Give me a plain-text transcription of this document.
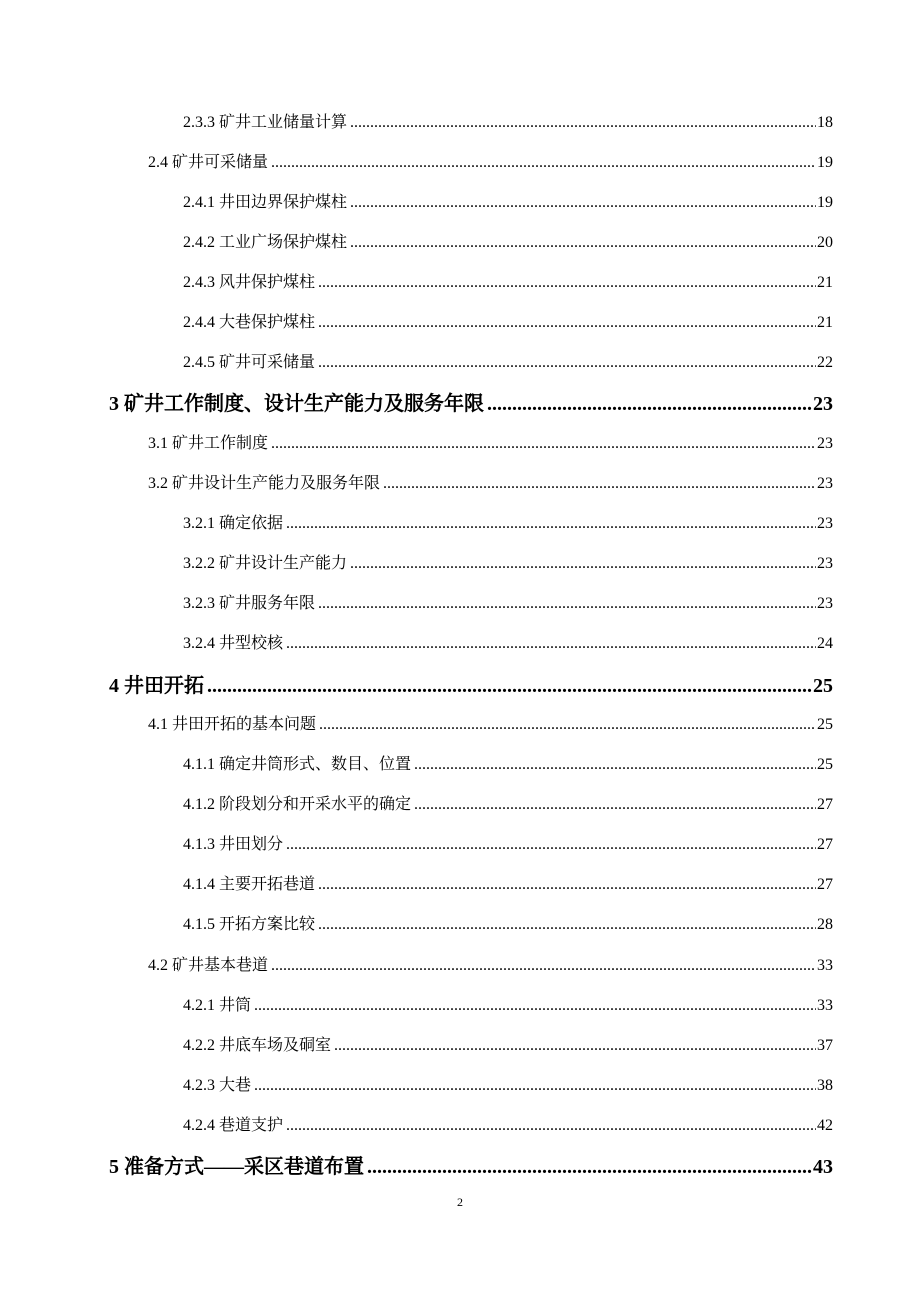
2.3.3 矿井工业储量计算 .....	18
2.4 矿井可采储量 .....	19
2.4.1 井田边界保护煤柱 .....	19
2.4.2 工业广场保护煤柱 .....	20
2.4.3 风井保护煤柱 .....	21
2.4.4 大巷保护煤柱 .....	21
2.4.5 矿井可采储量 .....	22
3 矿井工作制度、设计生产能力及服务年限 .....	23
3.1 矿井工作制度 .....	23
3.2 矿井设计生产能力及服务年限 .....	23
3.2.1 确定依据 .....	23
3.2.2 矿井设计生产能力 .....	23
3.2.3 矿井服务年限 .....	23
3.2.4 井型校核 .....	24
4 井田开拓 .....	25
4.1 井田开拓的基本问题 .....	25
4.1.1 确定井筒形式、数目、位置 .....	25
4.1.2 阶段划分和开采水平的确定 .....	27
4.1.3 井田划分 .....	27
4.1.4 主要开拓巷道 .....	27
4.1.5 开拓方案比较 .....	28
4.2 矿井基本巷道 .....	33
4.2.1 井筒 .....	33
4.2.2 井底车场及硐室 .....	37
4.2.3 大巷 .....	38
4.2.4 巷道支护 .....	42
5 准备方式——采区巷道布置 .....	43
2
